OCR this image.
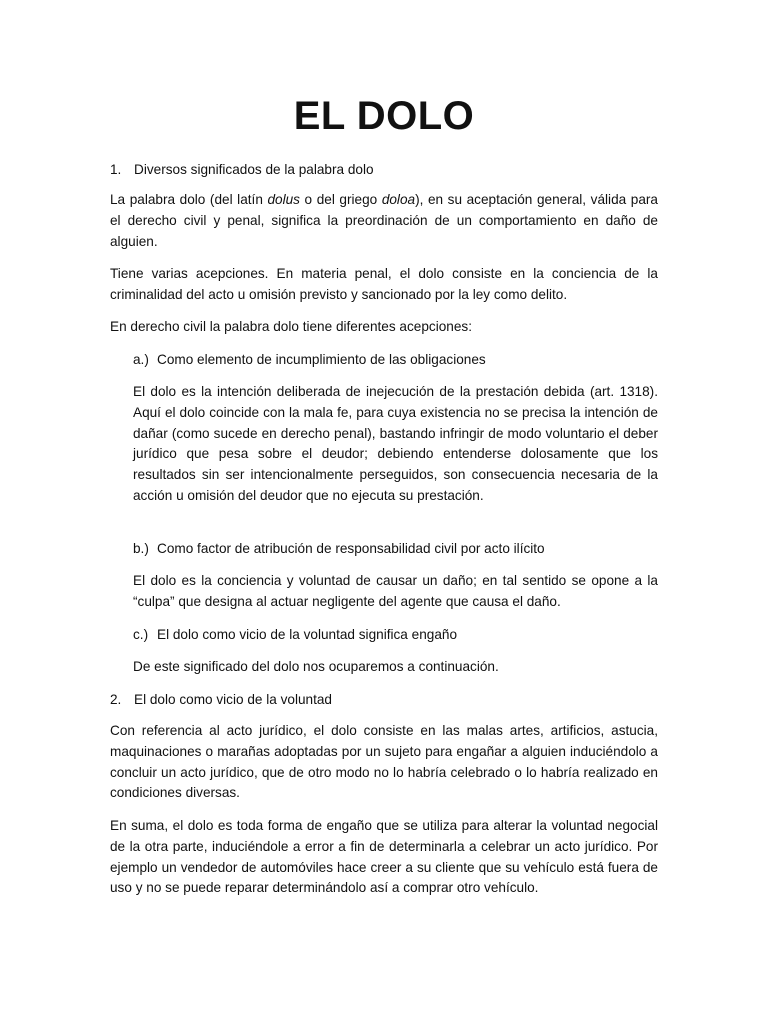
EL DOLO
1. Diversos significados de la palabra dolo
La palabra dolo (del latín dolus o del griego doloa), en su aceptación general, válida para el derecho civil y penal, significa la preordinación de un comportamiento en daño de alguien.
Tiene varias acepciones. En materia penal, el dolo consiste en la conciencia de la criminalidad del acto u omisión previsto y sancionado por la ley como delito.
En derecho civil la palabra dolo tiene diferentes acepciones:
a.) Como elemento de incumplimiento de las obligaciones
El dolo es la intención deliberada de inejecución de la prestación debida (art. 1318). Aquí el dolo coincide con la mala fe, para cuya existencia no se precisa la intención de dañar (como sucede en derecho penal), bastando infringir de modo voluntario el deber jurídico que pesa sobre el deudor; debiendo entenderse dolosamente que los resultados sin ser intencionalmente perseguidos, son consecuencia necesaria de la acción u omisión del deudor que no ejecuta su prestación.
b.) Como factor de atribución de responsabilidad civil por acto ilícito
El dolo es la conciencia y voluntad de causar un daño; en tal sentido se opone a la “culpa” que designa al actuar negligente del agente que causa el daño.
c.) El dolo como vicio de la voluntad significa engaño
De este significado del dolo nos ocuparemos a continuación.
2. El dolo como vicio de la voluntad
Con referencia al acto jurídico, el dolo consiste en las malas artes, artificios, astucia, maquinaciones o marañas adoptadas por un sujeto para engañar a alguien induciéndolo a concluir un acto jurídico, que de otro modo no lo habría celebrado o lo habría realizado en condiciones diversas.
En suma, el dolo es toda forma de engaño que se utiliza para alterar la voluntad negocial de la otra parte, induciéndole a error a fin de determinarla a celebrar un acto jurídico. Por ejemplo un vendedor de automóviles hace creer a su cliente que su vehículo está fuera de uso y no se puede reparar determinándolo así a comprar otro vehículo.
